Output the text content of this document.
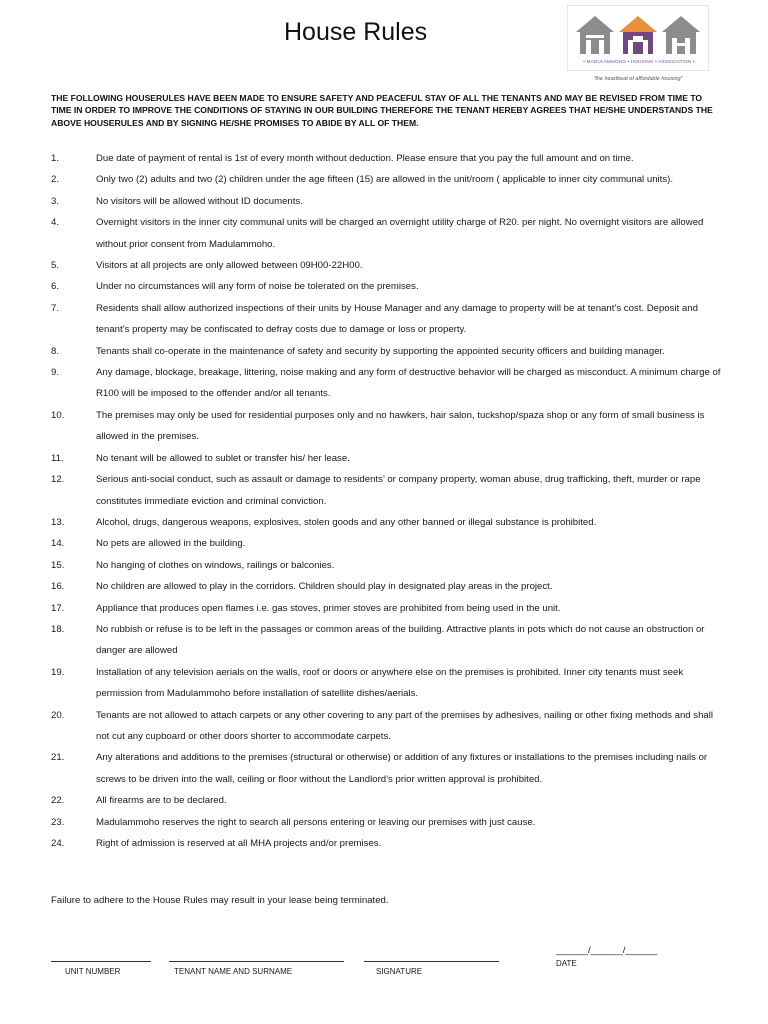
House Rules
• MADULAMMOHO • HOUSING • ASSOCIATION •
"the heartbeat of affordable housing"
THE FOLLOWING HOUSERULES HAVE BEEN MADE TO ENSURE SAFETY AND PEACEFUL STAY OF ALL THE TENANTS AND MAY BE REVISED FROM TIME TO TIME IN ORDER TO IMPROVE THE CONDITIONS OF STAYING IN OUR BUILDING THEREFORE THE TENANT HEREBY AGREES THAT HE/SHE UNDERSTANDS THE ABOVE HOUSERULES AND BY SIGNING HE/SHE PROMISES TO ABIDE BY ALL OF THEM.
1.	Due date of payment of rental is 1st of every month without deduction. Please ensure that you pay the full amount and on time.
2.	Only two (2) adults and two (2) children under the age fifteen (15) are allowed in the unit/room ( applicable to inner city communal units).
3.	No visitors will be allowed without ID documents.
4.	Overnight visitors in the inner city communal units will be charged an overnight utility charge of R20. per night. No overnight visitors are allowed without prior consent from Madulammoho.
5.	Visitors at all projects are only allowed between 09H00-22H00.
6.	Under no circumstances will any form of noise be tolerated on the premises.
7.	Residents shall allow authorized inspections of their units by House Manager and any damage to property will be at tenant’s cost. Deposit and tenant’s property may be confiscated to defray costs due to damage or loss or property.
8.	Tenants shall co-operate in the maintenance of safety and security by supporting the appointed security officers and building manager.
9.	Any damage, blockage, breakage, littering, noise making and any form of destructive behavior will be charged as misconduct. A minimum charge of R100 will be imposed to the offender and/or all tenants.
10.	The premises may only be used for residential purposes only and no hawkers, hair salon, tuckshop/spaza shop or any form of small business is allowed in the premises.
11.	No tenant will be allowed to sublet or transfer his/ her lease.
12.	Serious anti-social conduct, such as assault or damage to residents’ or company property, woman abuse, drug trafficking, theft, murder or rape constitutes immediate eviction and criminal conviction.
13.	Alcohol, drugs, dangerous weapons, explosives, stolen goods and any other banned or illegal substance is prohibited.
14.	No pets are allowed in the building.
15.	No hanging of clothes on windows, railings or balconies.
16.	No children are allowed to play in the corridors. Children should play in designated play areas in the project.
17.	Appliance that produces open flames i.e. gas stoves, primer stoves are prohibited from being used in the unit.
18.	No rubbish or refuse is to be left in the passages or common areas of the building. Attractive plants in pots which do not cause an obstruction or danger are allowed
19.	Installation of any television aerials on the walls, roof or doors or anywhere else on the premises is prohibited. Inner city tenants must seek permission from Madulammoho before installation of satellite dishes/aerials.
20.	Tenants are not allowed to attach carpets or any other covering to any part of the premises by adhesives, nailing or other fixing methods and shall not cut any cupboard or other doors shorter to accommodate carpets.
21.	Any alterations and additions to the premises (structural or otherwise) or addition of any fixtures or installations to the premises including nails or screws to be driven into the wall, ceiling or floor without the Landlord’s prior written approval is prohibited.
22.	All firearms are to be declared.
23.	Madulammoho reserves the right to search all persons entering or leaving our premises with just cause.
24.	Right of admission is reserved at all MHA projects and/or premises.
Failure to adhere to the House Rules may result in your lease being terminated.
UNIT NUMBER	TENANT NAME AND SURNAME	SIGNATURE
______/______/______
DATE
